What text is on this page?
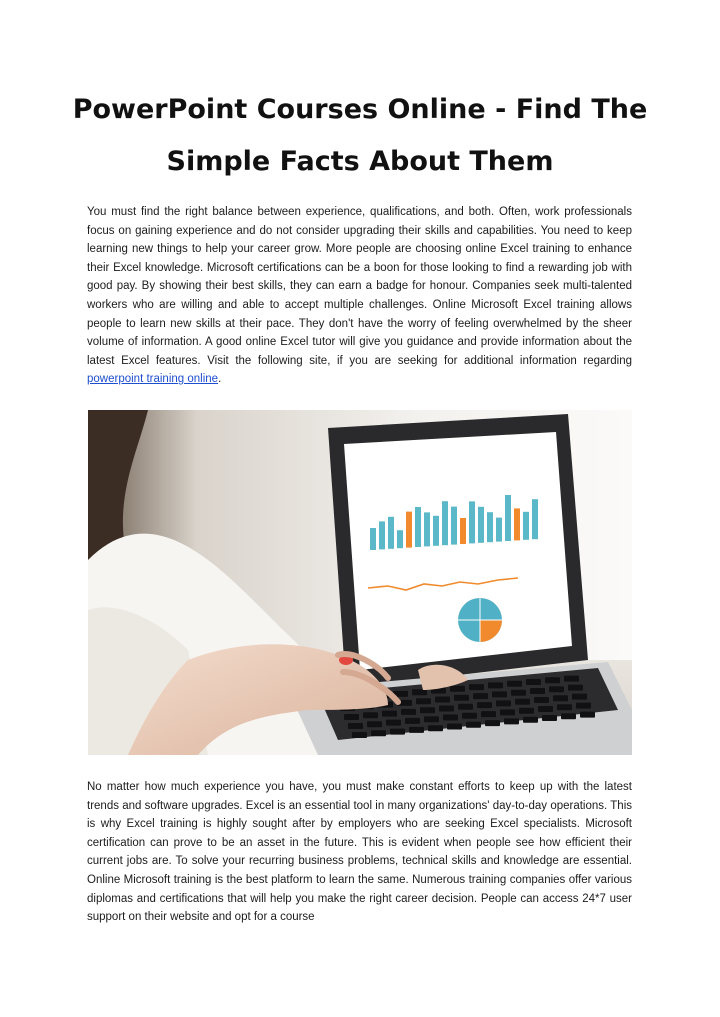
PowerPoint Courses Online - Find The
Simple Facts About Them
You must find the right balance between experience, qualifications, and both. Often, work professionals focus on gaining experience and do not consider upgrading their skills and capabilities. You need to keep learning new things to help your career grow. More people are choosing online Excel training to enhance their Excel knowledge. Microsoft certifications can be a boon for those looking to find a rewarding job with good pay. By showing their best skills, they can earn a badge for honour. Companies seek multi-talented workers who are willing and able to accept multiple challenges. Online Microsoft Excel training allows people to learn new skills at their pace. They don't have the worry of feeling overwhelmed by the sheer volume of information. A good online Excel tutor will give you guidance and provide information about the latest Excel features. Visit the following site, if you are seeking for additional information regarding powerpoint training online.
No matter how much experience you have, you must make constant efforts to keep up with the latest trends and software upgrades. Excel is an essential tool in many organizations' day-to-day operations. This is why Excel training is highly sought after by employers who are seeking Excel specialists. Microsoft certification can prove to be an asset in the future. This is evident when people see how efficient their current jobs are. To solve your recurring business problems, technical skills and knowledge are essential. Online Microsoft training is the best platform to learn the same. Numerous training companies offer various diplomas and certifications that will help you make the right career decision. People can access 24*7 user support on their website and opt for a course
